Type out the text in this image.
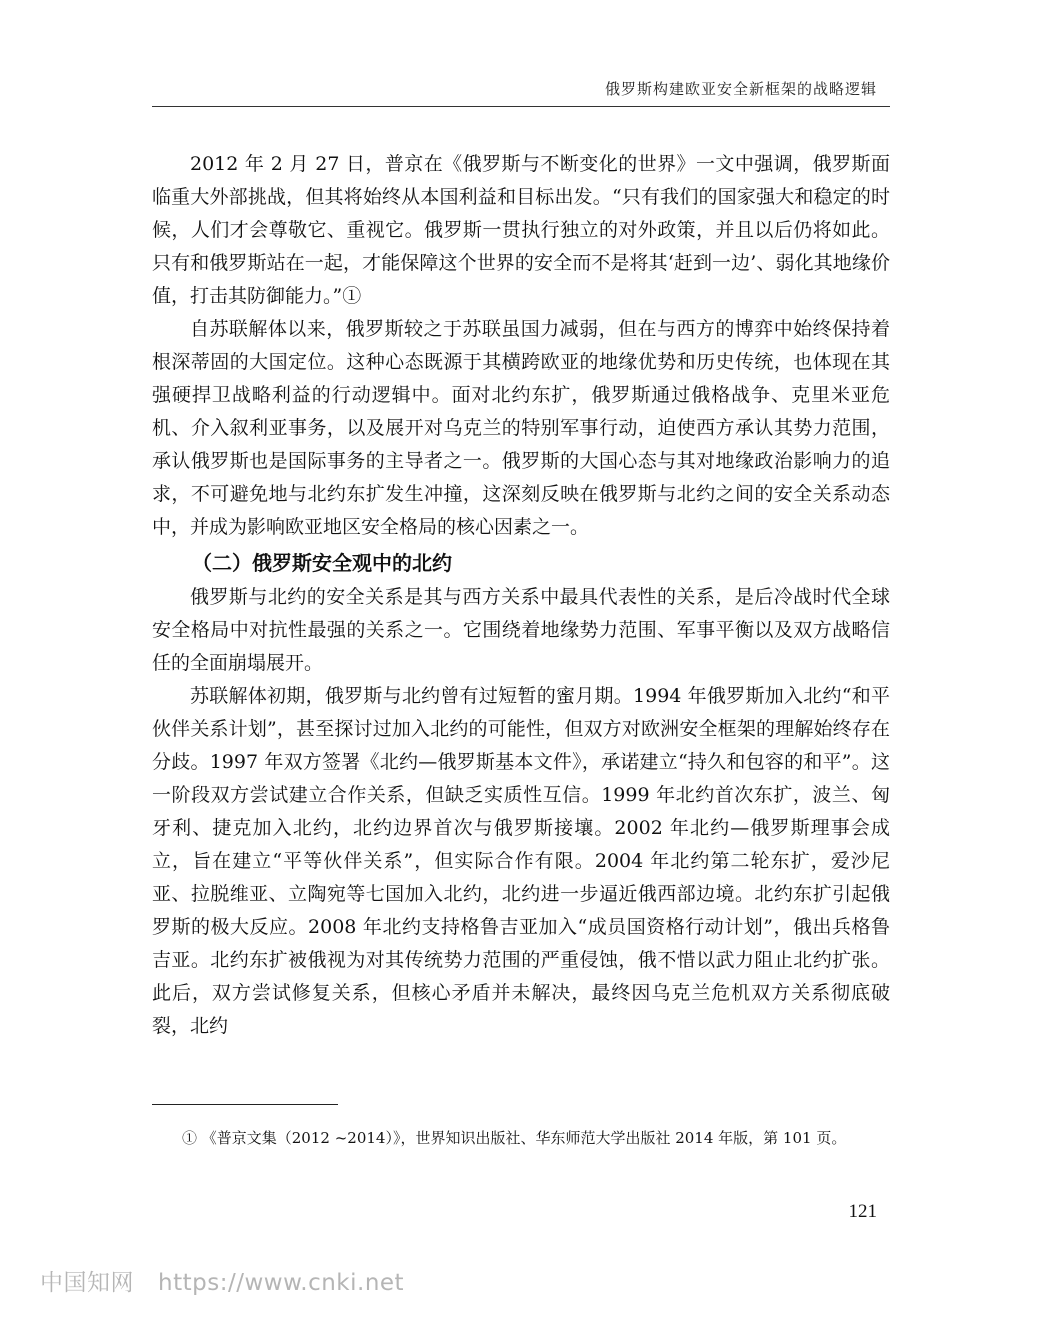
俄罗斯构建欧亚安全新框架的战略逻辑

2012 年 2 月 27 日，普京在《俄罗斯与不断变化的世界》一文中强调，俄罗斯面临重大外部挑战，但其将始终从本国利益和目标出发。“只有我们的国家强大和稳定的时候，人们才会尊敬它、重视它。俄罗斯一贯执行独立的对外政策，并且以后仍将如此。只有和俄罗斯站在一起，才能保障这个世界的安全而不是将其‘赶到一边’、弱化其地缘价值，打击其防御能力。”①

自苏联解体以来，俄罗斯较之于苏联虽国力减弱，但在与西方的博弈中始终保持着根深蒂固的大国定位。这种心态既源于其横跨欧亚的地缘优势和历史传统，也体现在其强硬捍卫战略利益的行动逻辑中。面对北约东扩，俄罗斯通过俄格战争、克里米亚危机、介入叙利亚事务，以及展开对乌克兰的特别军事行动，迫使西方承认其势力范围，承认俄罗斯也是国际事务的主导者之一。俄罗斯的大国心态与其对地缘政治影响力的追求，不可避免地与北约东扩发生冲撞，这深刻反映在俄罗斯与北约之间的安全关系动态中，并成为影响欧亚地区安全格局的核心因素之一。

（二）俄罗斯安全观中的北约

俄罗斯与北约的安全关系是其与西方关系中最具代表性的关系，是后冷战时代全球安全格局中对抗性最强的关系之一。它围绕着地缘势力范围、军事平衡以及双方战略信任的全面崩塌展开。

苏联解体初期，俄罗斯与北约曾有过短暂的蜜月期。1994 年俄罗斯加入北约“和平伙伴关系计划”，甚至探讨过加入北约的可能性，但双方对欧洲安全框架的理解始终存在分歧。1997 年双方签署《北约—俄罗斯基本文件》，承诺建立“持久和包容的和平”。这一阶段双方尝试建立合作关系，但缺乏实质性互信。1999 年北约首次东扩，波兰、匈牙利、捷克加入北约，北约边界首次与俄罗斯接壤。2002 年北约—俄罗斯理事会成立，旨在建立“平等伙伴关系”，但实际合作有限。2004 年北约第二轮东扩，爱沙尼亚、拉脱维亚、立陶宛等七国加入北约，北约进一步逼近俄西部边境。北约东扩引起俄罗斯的极大反应。2008 年北约支持格鲁吉亚加入“成员国资格行动计划”，俄出兵格鲁吉亚。北约东扩被俄视为对其传统势力范围的严重侵蚀，俄不惜以武力阻止北约扩张。此后，双方尝试修复关系，但核心矛盾并未解决，最终因乌克兰危机双方关系彻底破裂，北约

① 《普京文集（2012 ~2014）》，世界知识出版社、华东师范大学出版社 2014 年版，第 101 页。

121
中国知网 https://www.cnki.net
